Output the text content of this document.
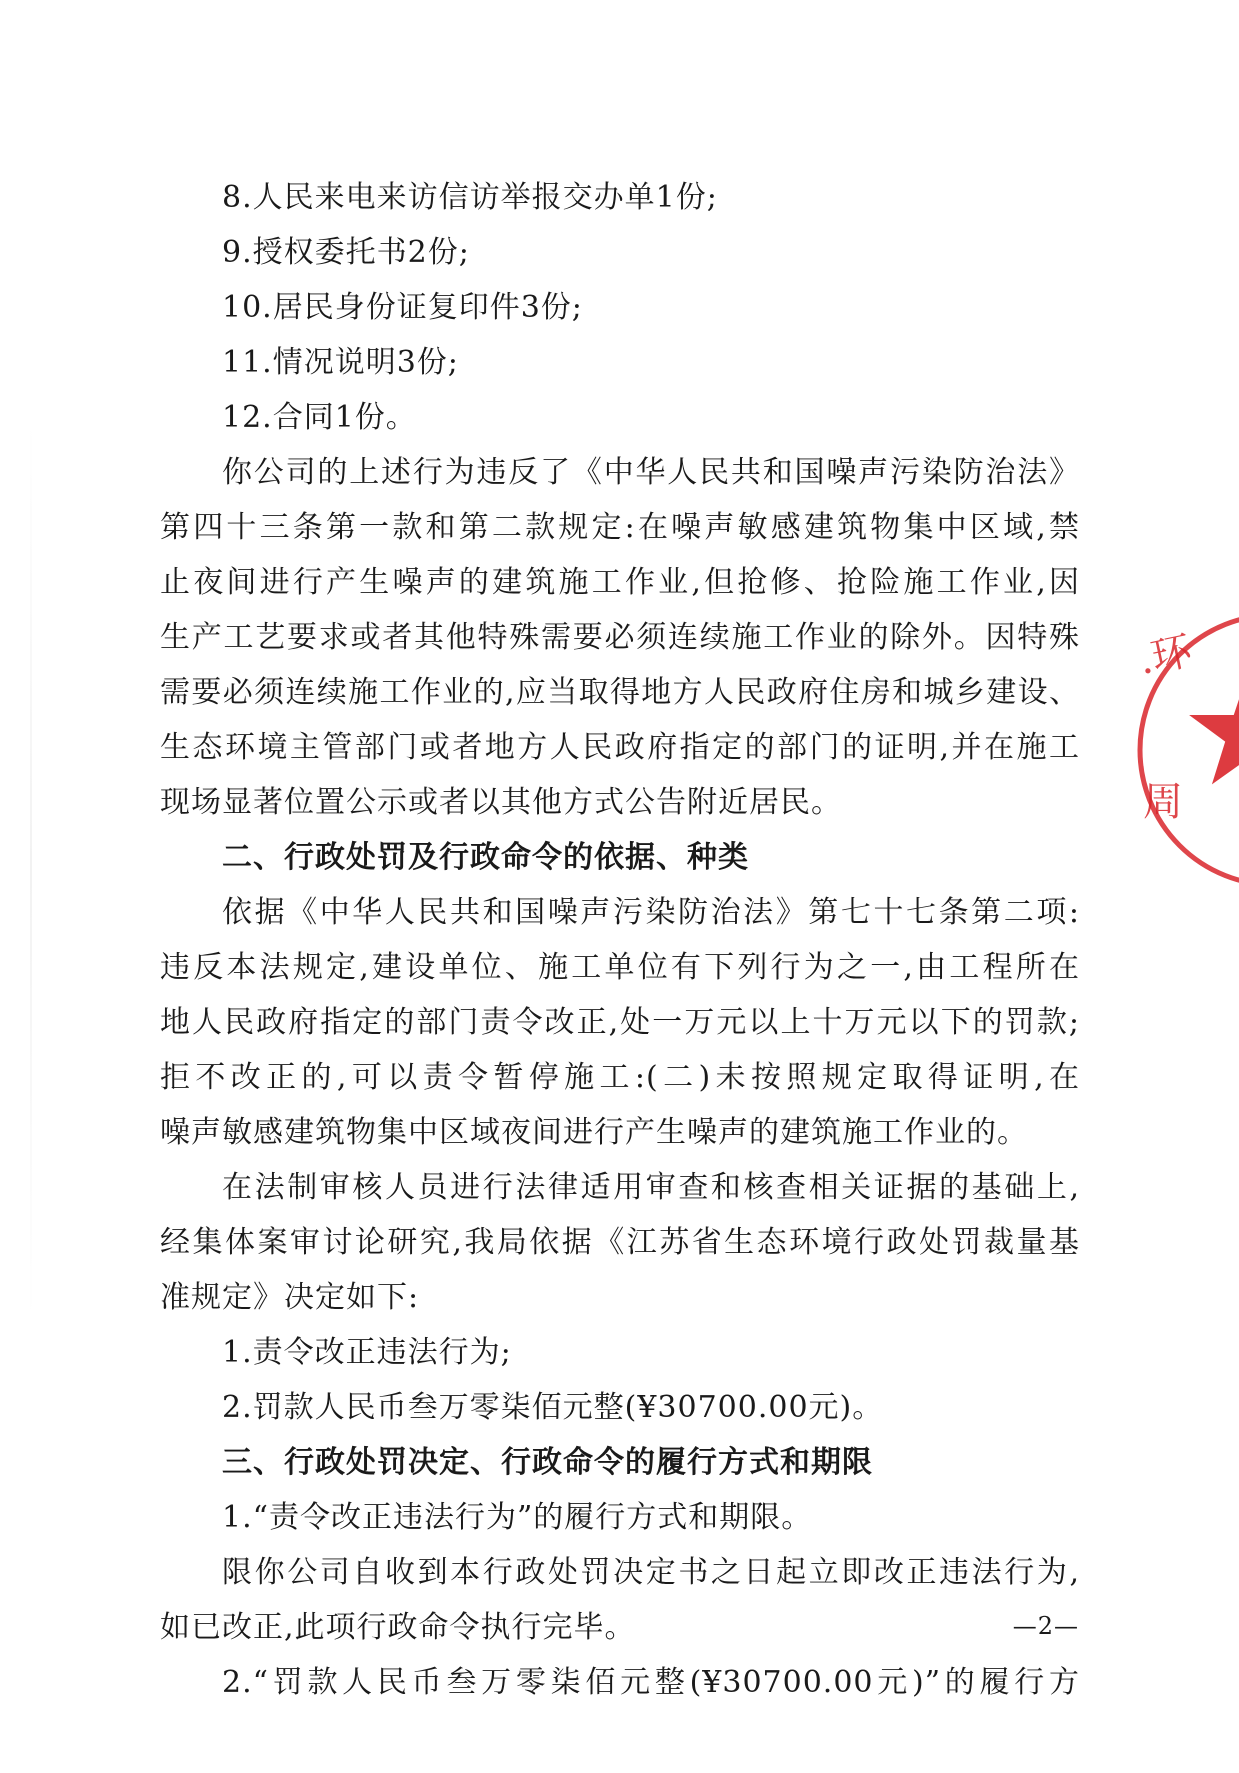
8.人民来电来访信访举报交办单1份;
9.授权委托书2份;
10.居民身份证复印件3份;
11.情况说明3份;
12.合同1份。
你公司的上述行为违反了《中华人民共和国噪声污染防治法》
第四十三条第一款和第二款规定:在噪声敏感建筑物集中区域,禁
止夜间进行产生噪声的建筑施工作业,但抢修、抢险施工作业,因
生产工艺要求或者其他特殊需要必须连续施工作业的除外。因特殊
需要必须连续施工作业的,应当取得地方人民政府住房和城乡建设、
生态环境主管部门或者地方人民政府指定的部门的证明,并在施工
现场显著位置公示或者以其他方式公告附近居民。
二、行政处罚及行政命令的依据、种类
依据《中华人民共和国噪声污染防治法》第七十七条第二项:
违反本法规定,建设单位、施工单位有下列行为之一,由工程所在
地人民政府指定的部门责令改正,处一万元以上十万元以下的罚款;
拒不改正的,可以责令暂停施工:(二)未按照规定取得证明,在
噪声敏感建筑物集中区域夜间进行产生噪声的建筑施工作业的。
在法制审核人员进行法律适用审查和核查相关证据的基础上,
经集体案审讨论研究,我局依据《江苏省生态环境行政处罚裁量基
准规定》决定如下:
1.责令改正违法行为;
2.罚款人民币叁万零柒佰元整(¥30700.00元)。
三、行政处罚决定、行政命令的履行方式和期限
1.“责令改正违法行为”的履行方式和期限。
限你公司自收到本行政处罚决定书之日起立即改正违法行为,
如已改正,此项行政命令执行完毕。
2.“罚款人民币叁万零柒佰元整(¥30700.00元)”的履行方
—2—
.环
周
